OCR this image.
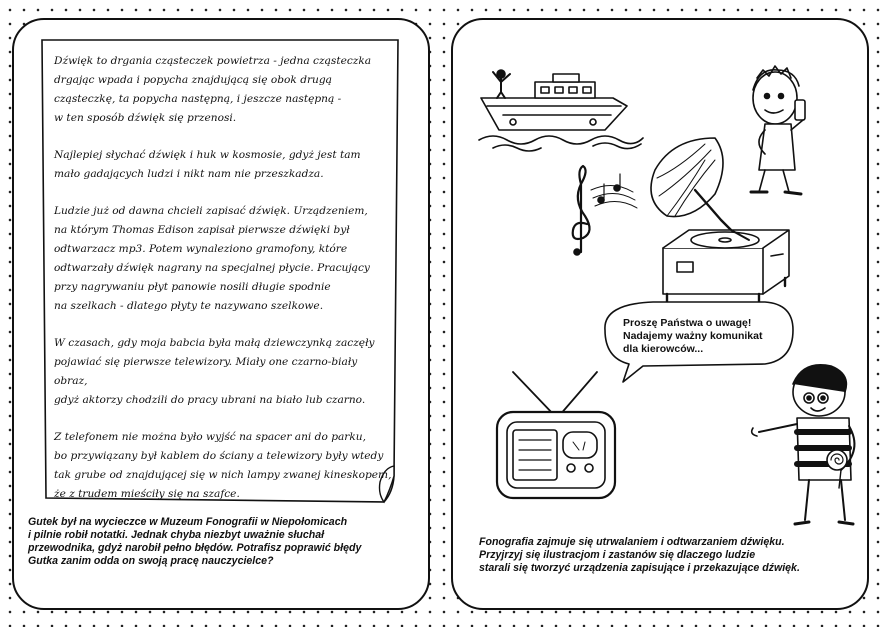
Dźwięk to drgania cząsteczek powietrza - jedna cząsteczka
drgając wpada i popycha znajdującą się obok drugą
cząsteczkę, ta popycha następną, i jeszcze następną -
w ten sposób dźwięk się przenosi.

Najlepiej słychać dźwięk i huk w kosmosie, gdyż jest tam
mało gadających ludzi i nikt nam nie przeszkadza.

Ludzie już od dawna chcieli zapisać dźwięk. Urządzeniem,
na którym Thomas Edison zapisał pierwsze dźwięki był
odtwarzacz mp3. Potem wynaleziono gramofony, które
odtwarzały dźwięk nagrany na specjalnej płycie. Pracujący
przy nagrywaniu płyt panowie nosili długie spodnie
na szelkach - dlatego płyty te nazywano szelkowe.

W czasach, gdy moja babcia była małą dziewczynką zaczęły
pojawiać się pierwsze telewizory. Miały one czarno-biały obraz,
gdyż aktorzy chodzili do pracy ubrani na biało lub czarno.

Z telefonem nie można było wyjść na spacer ani do parku,
bo przywiązany był kablem do ściany a telewizory były wtedy
tak grube od znajdującej się w nich lampy zwanej kineskopem,
że z trudem mieściły się na szafce.

Gutek był na wycieczce w Muzeum Fonografii w Niepołomicach
i pilnie robił notatki. Jednak chyba niezbyt uważnie słuchał
przewodnika, gdyż narobił pełno błędów. Potrafisz poprawić błędy
Gutka zanim odda on swoją pracę nauczycielce?

Proszę Państwa o uwagę!
Nadajemy ważny komunikat
dla kierowców...

Fonografia zajmuje się utrwalaniem i odtwarzaniem dźwięku.
Przyjrzyj się ilustracjom i zastanów się dlaczego ludzie
starali się tworzyć urządzenia zapisujące i przekazujące dźwięk.
